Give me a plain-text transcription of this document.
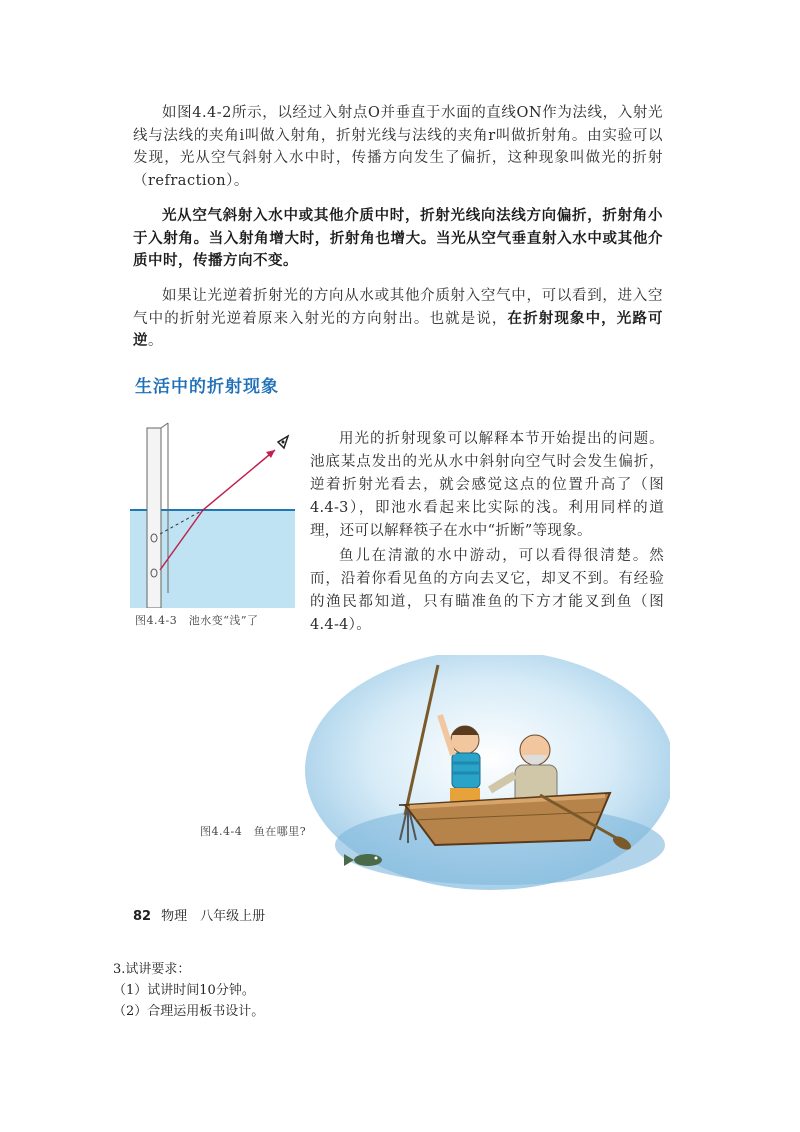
如图4.4-2所示，以经过入射点O并垂直于水面的直线ON作为法线，入射光线与法线的夹角i叫做入射角，折射光线与法线的夹角r叫做折射角。由实验可以发现，光从空气斜射入水中时，传播方向发生了偏折，这种现象叫做光的折射（refraction）。

光从空气斜射入水中或其他介质中时，折射光线向法线方向偏折，折射角小于入射角。当入射角增大时，折射角也增大。当光从空气垂直射入水中或其他介质中时，传播方向不变。

如果让光逆着折射光的方向从水或其他介质射入空气中，可以看到，进入空气中的折射光逆着原来入射光的方向射出。也就是说，在折射现象中，光路可逆。

生活中的折射现象

图4.4-3　池水变“浅”了

用光的折射现象可以解释本节开始提出的问题。池底某点发出的光从水中斜射向空气时会发生偏折，逆着折射光看去，就会感觉这点的位置升高了（图4.4-3），即池水看起来比实际的浅。利用同样的道理，还可以解释筷子在水中“折断”等现象。

鱼儿在清澈的水中游动，可以看得很清楚。然而，沿着你看见鱼的方向去叉它，却叉不到。有经验的渔民都知道，只有瞄准鱼的下方才能叉到鱼（图4.4-4）。

图4.4-4　鱼在哪里?

82 物理　八年级上册

3.试讲要求：

（1）试讲时间10分钟。

（2）合理运用板书设计。
